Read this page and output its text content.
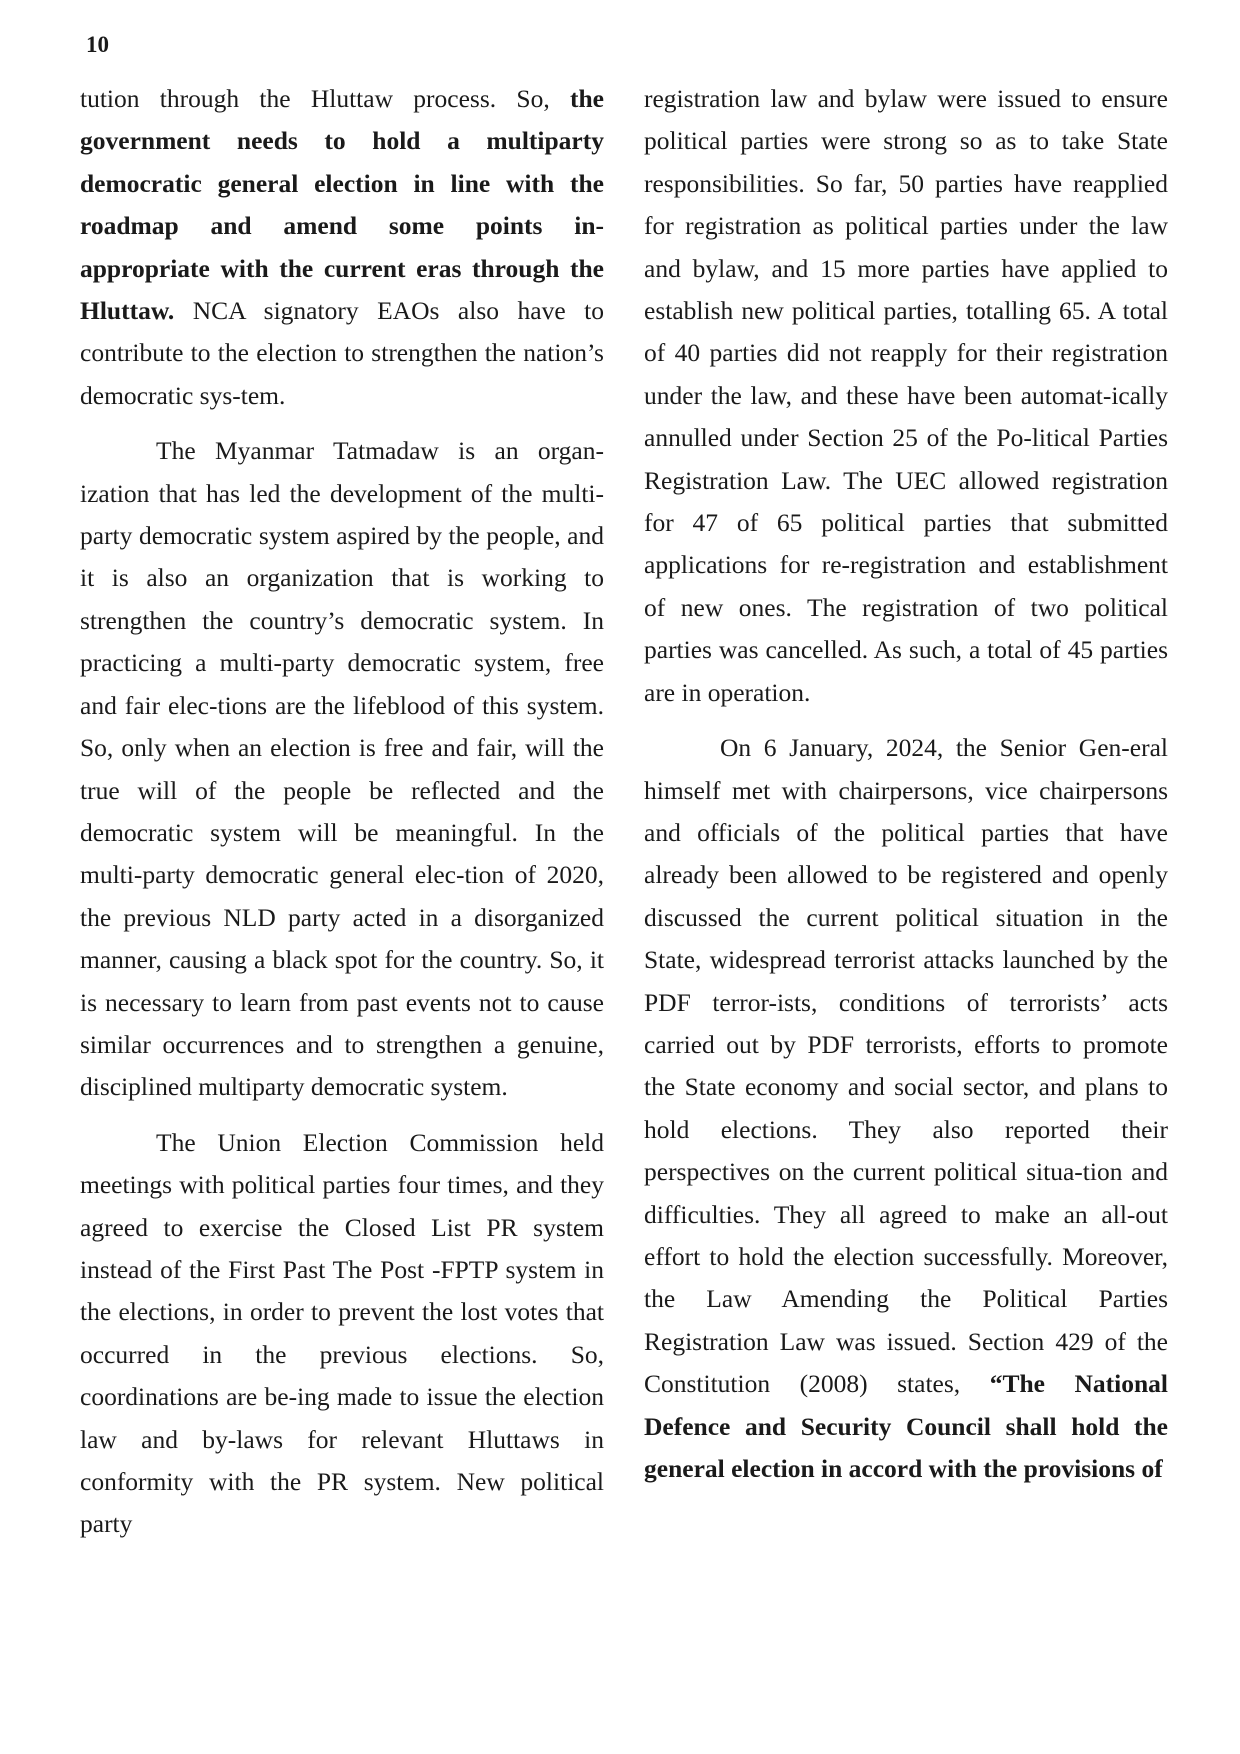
10

tution through the Hluttaw process. So, the government needs to hold a multiparty democratic general election in line with the roadmap and amend some points in-appropriate with the current eras through the Hluttaw. NCA signatory EAOs also have to contribute to the election to strengthen the nation’s democratic sys-tem.

The Myanmar Tatmadaw is an organ-ization that has led the development of the multi-party democratic system aspired by the people, and it is also an organization that is working to strengthen the country’s democratic system. In practicing a multi-party democratic system, free and fair elec-tions are the lifeblood of this system. So, only when an election is free and fair, will the true will of the people be reflected and the democratic system will be meaningful. In the multi-party democratic general elec-tion of 2020, the previous NLD party acted in a disorganized manner, causing a black spot for the country. So, it is necessary to learn from past events not to cause similar occurrences and to strengthen a genuine, disciplined multiparty democratic system.

The Union Election Commission held meetings with political parties four times, and they agreed to exercise the Closed List PR system instead of the First Past The Post -FPTP system in the elections, in order to prevent the lost votes that occurred in the previous elections. So, coordinations are be-ing made to issue the election law and by-laws for relevant Hluttaws in conformity with the PR system. New political party

registration law and bylaw were issued to ensure political parties were strong so as to take State responsibilities. So far, 50 parties have reapplied for registration as political parties under the law and bylaw, and 15 more parties have applied to establish new political parties, totalling 65. A total of 40 parties did not reapply for their registration under the law, and these have been automat-ically annulled under Section 25 of the Po-litical Parties Registration Law. The UEC allowed registration for 47 of 65 political parties that submitted applications for re-registration and establishment of new ones. The registration of two political parties was cancelled. As such, a total of 45 parties are in operation.

On 6 January, 2024, the Senior Gen-eral himself met with chairpersons, vice chairpersons and officials of the political parties that have already been allowed to be registered and openly discussed the current political situation in the State, widespread terrorist attacks launched by the PDF terror-ists, conditions of terrorists’ acts carried out by PDF terrorists, efforts to promote the State economy and social sector, and plans to hold elections. They also reported their perspectives on the current political situa-tion and difficulties. They all agreed to make an all-out effort to hold the election successfully. Moreover, the Law Amending the Political Parties Registration Law was issued. Section 429 of the Constitution (2008) states, “The National Defence and Security Council shall hold the general election in accord with the provisions of
